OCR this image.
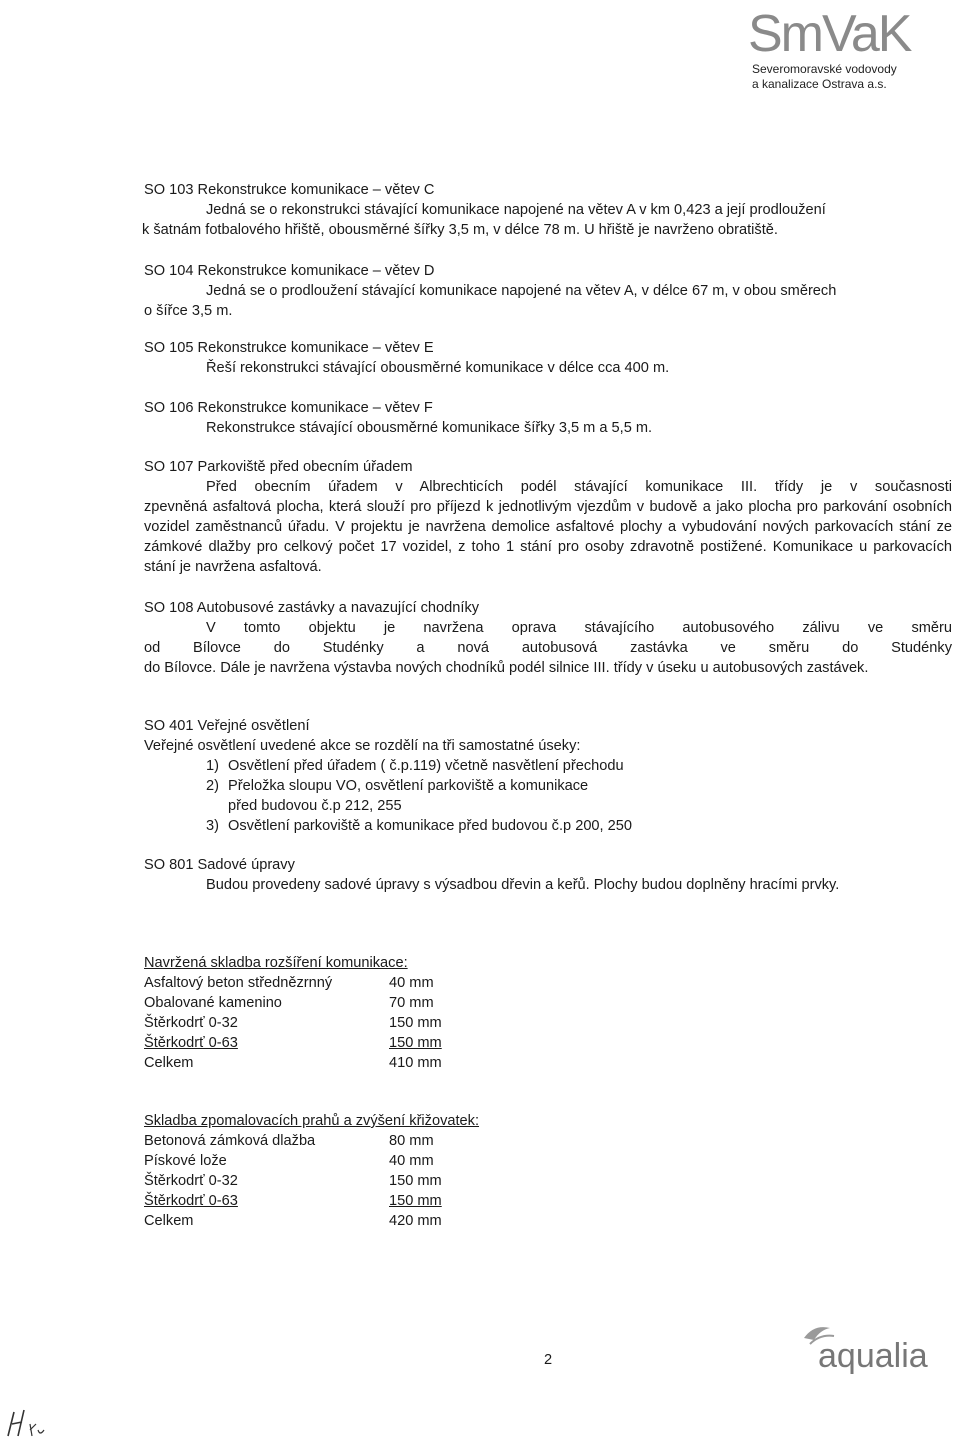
SmVaK
Severomoravské vodovody
a kanalizace Ostrava a.s.

SO 103 Rekonstrukce komunikace – větev C

Jedná se o rekonstrukci stávající komunikace napojené na větev A v km 0,423 a její prodloužení
k šatnám fotbalového hřiště, obousměrné šířky 3,5 m, v délce 78 m. U hřiště je navrženo obratiště.

SO 104 Rekonstrukce komunikace – větev D

Jedná se o prodloužení stávající komunikace napojené na větev A, v délce 67 m, v obou směrech
o šířce 3,5 m.

SO 105 Rekonstrukce komunikace – větev E

Řeší rekonstrukci stávající obousměrné komunikace v délce cca 400 m.

SO 106 Rekonstrukce komunikace – větev F

Rekonstrukce stávající obousměrné komunikace šířky 3,5 m a 5,5 m.

SO 107 Parkoviště před obecním úřadem

Před obecním úřadem v Albrechticích podél stávající komunikace III. třídy je v současnosti
zpevněná asfaltová plocha, která slouží pro příjezd k jednotlivým vjezdům v budově a jako plocha pro parkování osobních vozidel zaměstnanců úřadu. V projektu je navržena demolice asfaltové plochy a vybudování nových parkovacích stání ze zámkové dlažby pro celkový počet 17 vozidel, z toho 1 stání pro osoby zdravotně postižené. Komunikace u parkovacích stání je navržena asfaltová.

SO 108 Autobusové zastávky a navazující chodníky

V tomto objektu je navržena oprava stávajícího autobusového zálivu ve směru
od Bílovce do Studénky a nová autobusová zastávka ve směru do Studénky
do Bílovce. Dále je navržena výstavba nových chodníků podél silnice III. třídy v úseku u autobusových zastávek.

SO 401 Veřejné osvětlení

Veřejné osvětlení uvedené akce se rozdělí na tři samostatné úseky:
1) Osvětlení před úřadem ( č.p.119) včetně nasvětlení přechodu
2) Přeložka sloupu VO, osvětlení parkoviště a komunikace
před budovou č.p 212, 255
3) Osvětlení parkoviště a komunikace před budovou č.p 200, 250

SO 801 Sadové úpravy

Budou provedeny sadové úpravy s výsadbou dřevin a keřů. Plochy budou doplněny hracími prvky.
Navržená skladba rozšíření komunikace:
Asfaltový beton střednězrnný	40 mm
Obalované kamenino	70 mm
Štěrkodrť 0-32	150 mm
Štěrkodrť 0-63	150 mm
Celkem	410 mm
Skladba zpomalovacích prahů a zvýšení křižovatek:
Betonová zámková dlažba	80 mm
Pískové lože	40 mm
Štěrkodrť 0-32	150 mm
Štěrkodrť 0-63	150 mm
Celkem	420 mm
2	aqualia
